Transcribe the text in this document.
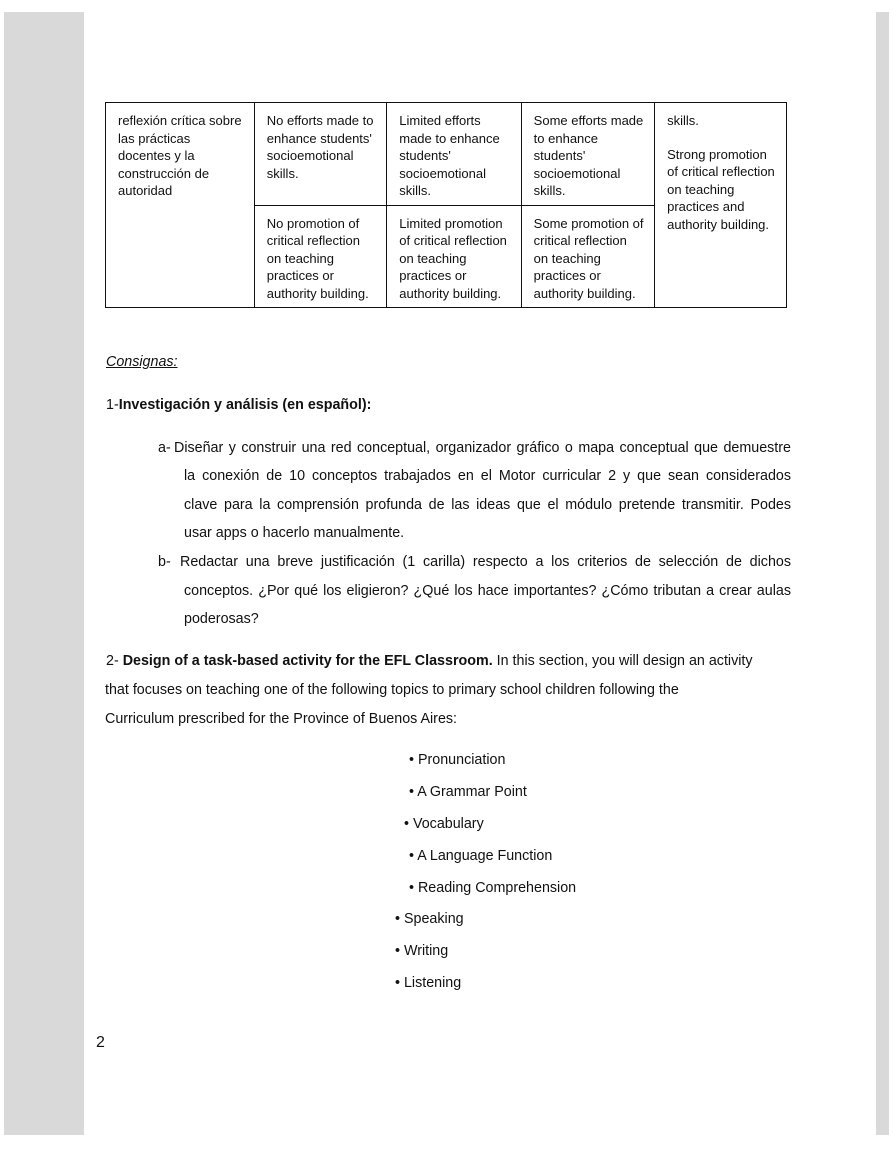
reflexión crítica sobre las prácticas docentes y la construcción de autoridad	No efforts made to enhance students' socioemotional skills.	Limited efforts made to enhance students' socioemotional skills.	Some efforts made to enhance students' socioemotional skills.	skills.
Strong promotion of critical reflection on teaching practices and authority building.

	No promotion of critical reflection on teaching practices or authority building.	Limited promotion of critical reflection on teaching practices or authority building.	Some promotion of critical reflection on teaching practices or authority building.	
Consignas:
1-Investigación y análisis (en español):
a- Diseñar y construir una red conceptual, organizador gráfico o mapa conceptual que demuestre
la conexión de 10 conceptos trabajados en el Motor curricular 2 y que sean considerados
clave para la comprensión profunda de las ideas que el módulo pretende transmitir. Podes
usar apps o hacerlo manualmente.
b- Redactar una breve justificación (1 carilla) respecto a los criterios de selección de dichos
conceptos. ¿Por qué los eligieron? ¿Qué los hace importantes? ¿Cómo tributan a crear aulas
poderosas?
2- Design of a task-based activity for the EFL Classroom. In this section, you will design an activity
that focuses on teaching one of the following topics to primary school children following the
Curriculum prescribed for the Province of Buenos Aires:
• Pronunciation
• A Grammar Point
• Vocabulary
• A Language Function
• Reading Comprehension
• Speaking
• Writing
• Listening
2
